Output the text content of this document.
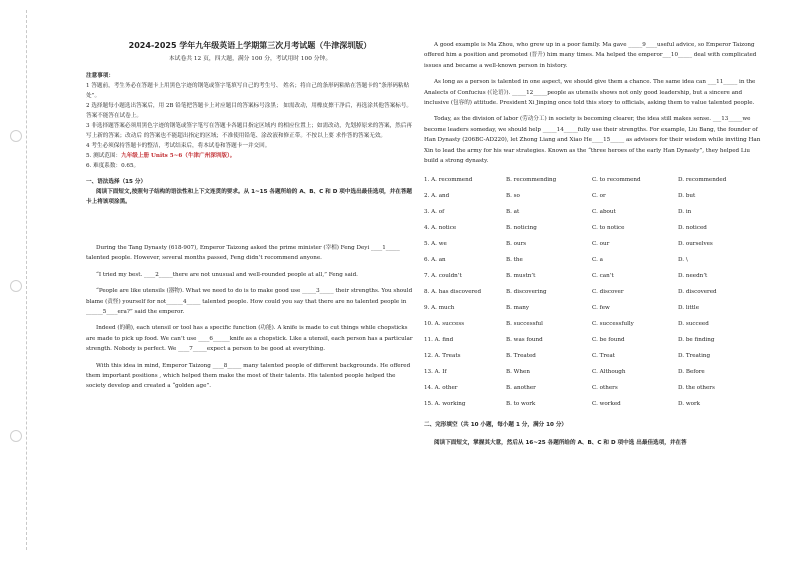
2024-2025 学年九年级英语上学期第三次月考试题（牛津深圳版）
本试卷共 12 页，四大题，满分 100 分，考试用时 100 分钟。
注意事项：
1 答题前，考生务必在答题卡上用黑色字迹的钢笔或签字笔填写自己的考生号、 姓名；将自己的条形码粘贴在答题卡的“条形码粘贴处”。
2 选择题每小题选出答案后，用 2B 铅笔把答题卡上对应题目的答案标号涂黑； 如需改动，用橡皮擦干净后，再选涂其他答案标号。答案不能答在试卷上。
3 非选择题答案必须用黑色字迹的钢笔或签字笔写在答题卡各题目指定区域内 的相应位置上；如需改动，先划掉原来的答案，然后再写上新的答案；改动后 的答案也不能超出指定的区域；不准使用铅笔、涂改液和修正带。不按以上要 求作答的答案无效。
4 考生必须保持答题卡的整洁，考试结束后，将本试卷和答题卡一并交回。
5. 测试范围：九年级上册 Units 5~6（牛津广州深圳版）。
6. 难度系数：0.65。
一、语法选择（15 分）
阅读下面短文,按照句子结构的语法性和上下文连贯的要求。从 1~15 各题所给的 A、B、C 和 D 项中选出最佳选项，并在答题卡上将该项涂黑。

During the Tang Dynasty (618-907), Emperor Taizong asked the prime minister (宰相) Feng Deyi ____1_____ talented people. However, several months passed, Feng didn’t recommend anyone.

“I tried my best. ____2_____there are not unusual and well-rounded people at all,” Feng said.

“People are like utensils (器物). What we need to do is to make good use _____3_____ their strengths. You should blame (责怪) yourself for not______4_____ talented people. How could you say that there are no talented people in ______5____era?” said the emperor.

Indeed (的确), each utensil or tool has a specific function (功能). A knife is made to cut things while chopsticks are made to pick up food. We can’t use ____6______knife as a chopstick. Like a utensil, each person has a particular strength. Nobody is perfect. We ____7_____expect a person to be good at everything.

With this idea in mind, Emperor Taizong ____8_____ many talented people of different backgrounds. He offered them important positions , which helped them make the most of their talents. His talented people helped the society develop and created a “golden age”.

A good example is Ma Zhou, who grew up in a poor family. Ma gave _____9____useful advice, so Emperor Taizong offered him a position and promoted (晋升) him many times. Ma helped the emperor___10_____ deal with complicated issues and became a well-known person in history.

As long as a person is talented in one aspect, we should give them a chance. The same idea can ___11_____ in the Analects of Confucius (《论语》). _____12_____people as utensils shows not only good leadership, but a sincere and inclusive (包容的) attitude. President Xi Jinping once told this story to officials, asking them to value talented people.

Today, as the division of labor (劳动分工) in society is becoming clearer, the idea still makes sense. ___13_____we become leaders someday, we should help _____14_____fully use their strengths. For example, Liu Bang, the founder of Han Dynasty (206BC-AD220), let Zhong Liang and Xiao He____15_____ as advisors for their wisdom while inviting Han Xin to lead the army for his war strategies. Known as the “three heroes of the early Han Dynasty”, they helped Liu build a strong dynasty.

1. A. recommend	B. recommending	C. to recommend	D. recommended
2. A. and	B. so	C. or	D. but
3. A. of	B. at	C. about	D. in
4. A. notice	B. noticing	C. to notice	D. noticed
5. A. we	B. ours	C. our	D. ourselves
6. A. an	B. the	C. a	D. \
7. A. couldn’t	B. mustn’t	C. can’t	D. needn’t
8. A. has discovered	B. discovering	C. discover	D. discovered
9. A. much	B. many	C. few	D. little
10. A. success	B. successful	C. successfully	D. succeed
11. A. find	B. was found	C. be found	D. be finding
12. A. Treats	B. Treated	C. Treat	D. Treating
13. A. If	B. When	C. Although	D. Before
14. A. other	B. another	C. others	D. the others
15. A. working	B. to work	C. worked	D. work
二、完形填空（共 10 小题，每小题 1 分，满分 10 分）
阅读下面短文，掌握其大意，然后从 16~25 各题所给的 A、B、C 和 D 项中选 出最佳选项，并在答
